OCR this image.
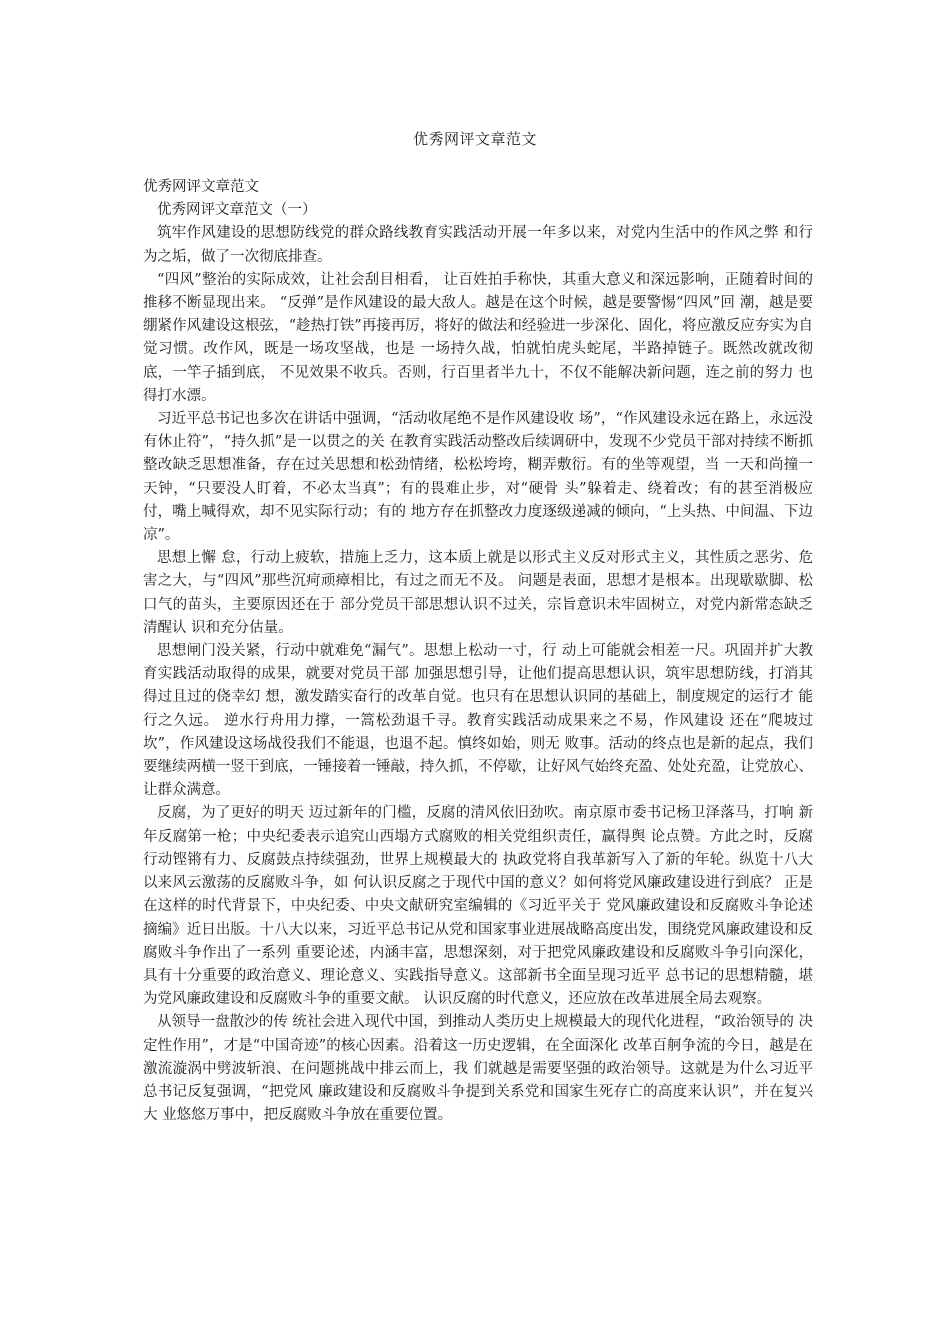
优秀网评文章范文

优秀网评文章范文

优秀网评文章范文（一）

筑牢作风建设的思想防线党的群众路线教育实践活动开展一年多以来，对党内生活中的作风之弊 和行为之垢，做了一次彻底排查。

“四风”整治的实际成效，让社会刮目相看， 让百姓拍手称快，其重大意义和深远影响，正随着时间的推移不断显现出来。 “反弹”是作风建设的最大敌人。越是在这个时候，越是要警惕“四风”回 潮，越是要绷紧作风建设这根弦，“趁热打铁”再接再厉，将好的做法和经验进一步深化、固化，将应激反应夯实为自觉习惯。改作风，既是一场攻坚战，也是 一场持久战，怕就怕虎头蛇尾，半路掉链子。既然改就改彻底，一竿子插到底， 不见效果不收兵。否则，行百里者半九十，不仅不能解决新问题，连之前的努力 也得打水漂。

习近平总书记也多次在讲话中强调，“活动收尾绝不是作风建设收 场”，“作风建设永远在路上，永远没有休止符”，“持久抓”是一以贯之的关 在教育实践活动整改后续调研中，发现不少党员干部对持续不断抓整改缺乏思想准备，存在过关思想和松劲情绪，松松垮垮，糊弄敷衍。有的坐等观望，当 一天和尚撞一天钟，“只要没人盯着，不必太当真”；有的畏难止步，对“硬骨 头”躲着走、绕着改；有的甚至消极应付，嘴上喊得欢，却不见实际行动；有的 地方存在抓整改力度逐级递减的倾向，“上头热、中间温、下边凉”。

思想上懈 怠，行动上疲软，措施上乏力，这本质上就是以形式主义反对形式主义，其性质之恶劣、危害之大，与“四风”那些沉疴顽瘴相比，有过之而无不及。 问题是表面，思想才是根本。出现歇歇脚、松口气的苗头，主要原因还在于 部分党员干部思想认识不过关，宗旨意识未牢固树立，对党内新常态缺乏清醒认 识和充分估量。

思想闸门没关紧，行动中就难免“漏气”。思想上松动一寸，行 动上可能就会相差一尺。巩固并扩大教育实践活动取得的成果，就要对党员干部 加强思想引导，让他们提高思想认识，筑牢思想防线，打消其得过且过的侥幸幻 想，激发踏实奋行的改革自觉。也只有在思想认识同的基础上，制度规定的运行才 能行之久远。 逆水行舟用力撑，一篙松劲退千寻。教育实践活动成果来之不易，作风建设 还在“爬坡过坎”，作风建设这场战役我们不能退，也退不起。慎终如始，则无 败事。活动的终点也是新的起点，我们要继续两横一竖干到底，一锤接着一锤敲，持久抓，不停歇，让好风气始终充盈、处处充盈，让党放心、让群众满意。

反腐，为了更好的明天 迈过新年的门槛，反腐的清风依旧劲吹。南京原市委书记杨卫泽落马，打响 新年反腐第一枪；中央纪委表示追究山西塌方式腐败的相关党组织责任，赢得舆 论点赞。方此之时，反腐行动铿锵有力、反腐鼓点持续强劲，世界上规模最大的 执政党将自我革新写入了新的年轮。纵览十八大以来风云激荡的反腐败斗争，如 何认识反腐之于现代中国的意义？如何将党风廉政建设进行到底？ 正是在这样的时代背景下，中央纪委、中央文献研究室编辑的《习近平关于 党风廉政建设和反腐败斗争论述摘编》近日出版。十八大以来，习近平总书记从党和国家事业进展战略高度出发，围绕党风廉政建设和反腐败斗争作出了一系列 重要论述，内涵丰富，思想深刻，对于把党风廉政建设和反腐败斗争引向深化， 具有十分重要的政治意义、理论意义、实践指导意义。这部新书全面呈现习近平 总书记的思想精髓，堪为党风廉政建设和反腐败斗争的重要文献。 认识反腐的时代意义，还应放在改革进展全局去观察。

从领导一盘散沙的传 统社会进入现代中国，到推动人类历史上规模最大的现代化进程，“政治领导的 决定性作用”，才是“中国奇迹”的核心因素。沿着这一历史逻辑，在全面深化 改革百舸争流的今日，越是在激流漩涡中劈波斩浪、在问题挑战中排云而上，我 们就越是需要坚强的政治领导。这就是为什么习近平总书记反复强调，“把党风 廉政建设和反腐败斗争提到关系党和国家生死存亡的高度来认识”，并在复兴大 业悠悠万事中，把反腐败斗争放在重要位置。
